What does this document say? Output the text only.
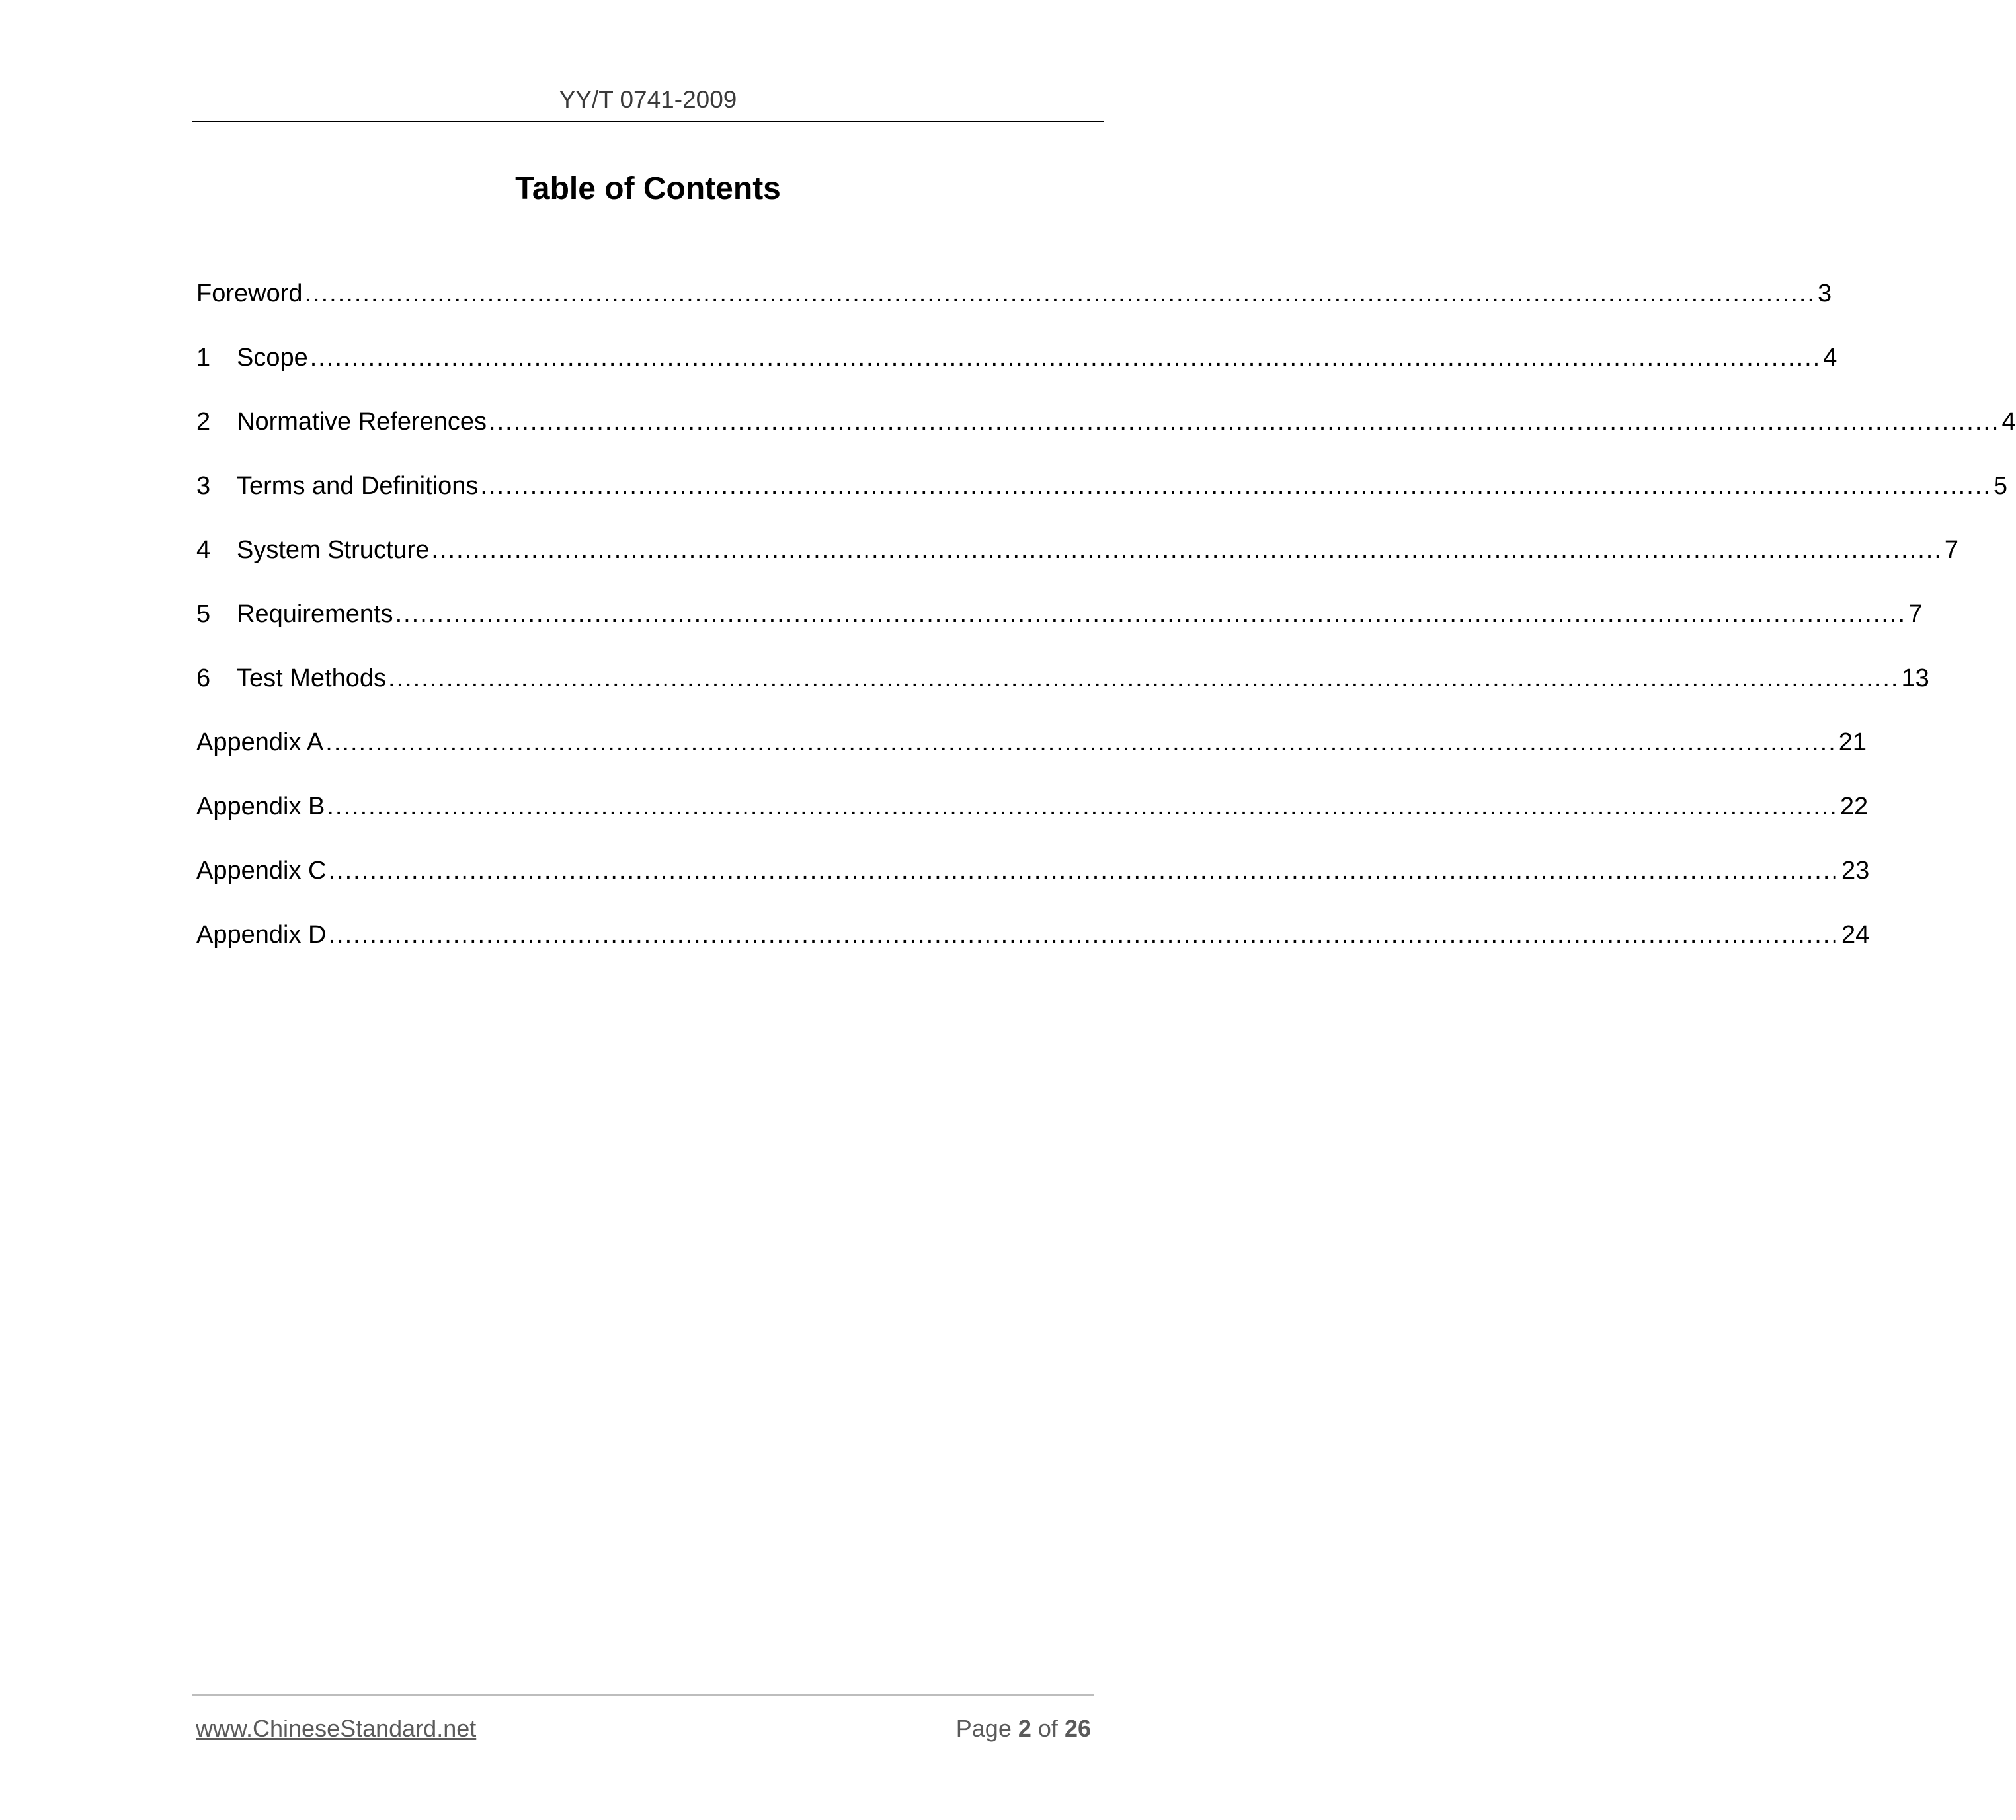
YY/T 0741-2009
Table of Contents
Foreword ...................................................................................................................................................................................... 3
1	Scope ...................................................................................................................................................................................... 4
2	Normative References ...................................................................................................................................................................................... 4
3	Terms and Definitions ...................................................................................................................................................................................... 5
4	System Structure ...................................................................................................................................................................................... 7
5	Requirements ...................................................................................................................................................................................... 7
6	Test Methods ...................................................................................................................................................................................... 13
Appendix A ...................................................................................................................................................................................... 21
Appendix B ...................................................................................................................................................................................... 22
Appendix C ...................................................................................................................................................................................... 23
Appendix D ...................................................................................................................................................................................... 24
www.ChineseStandard.net	Page 2 of 26
